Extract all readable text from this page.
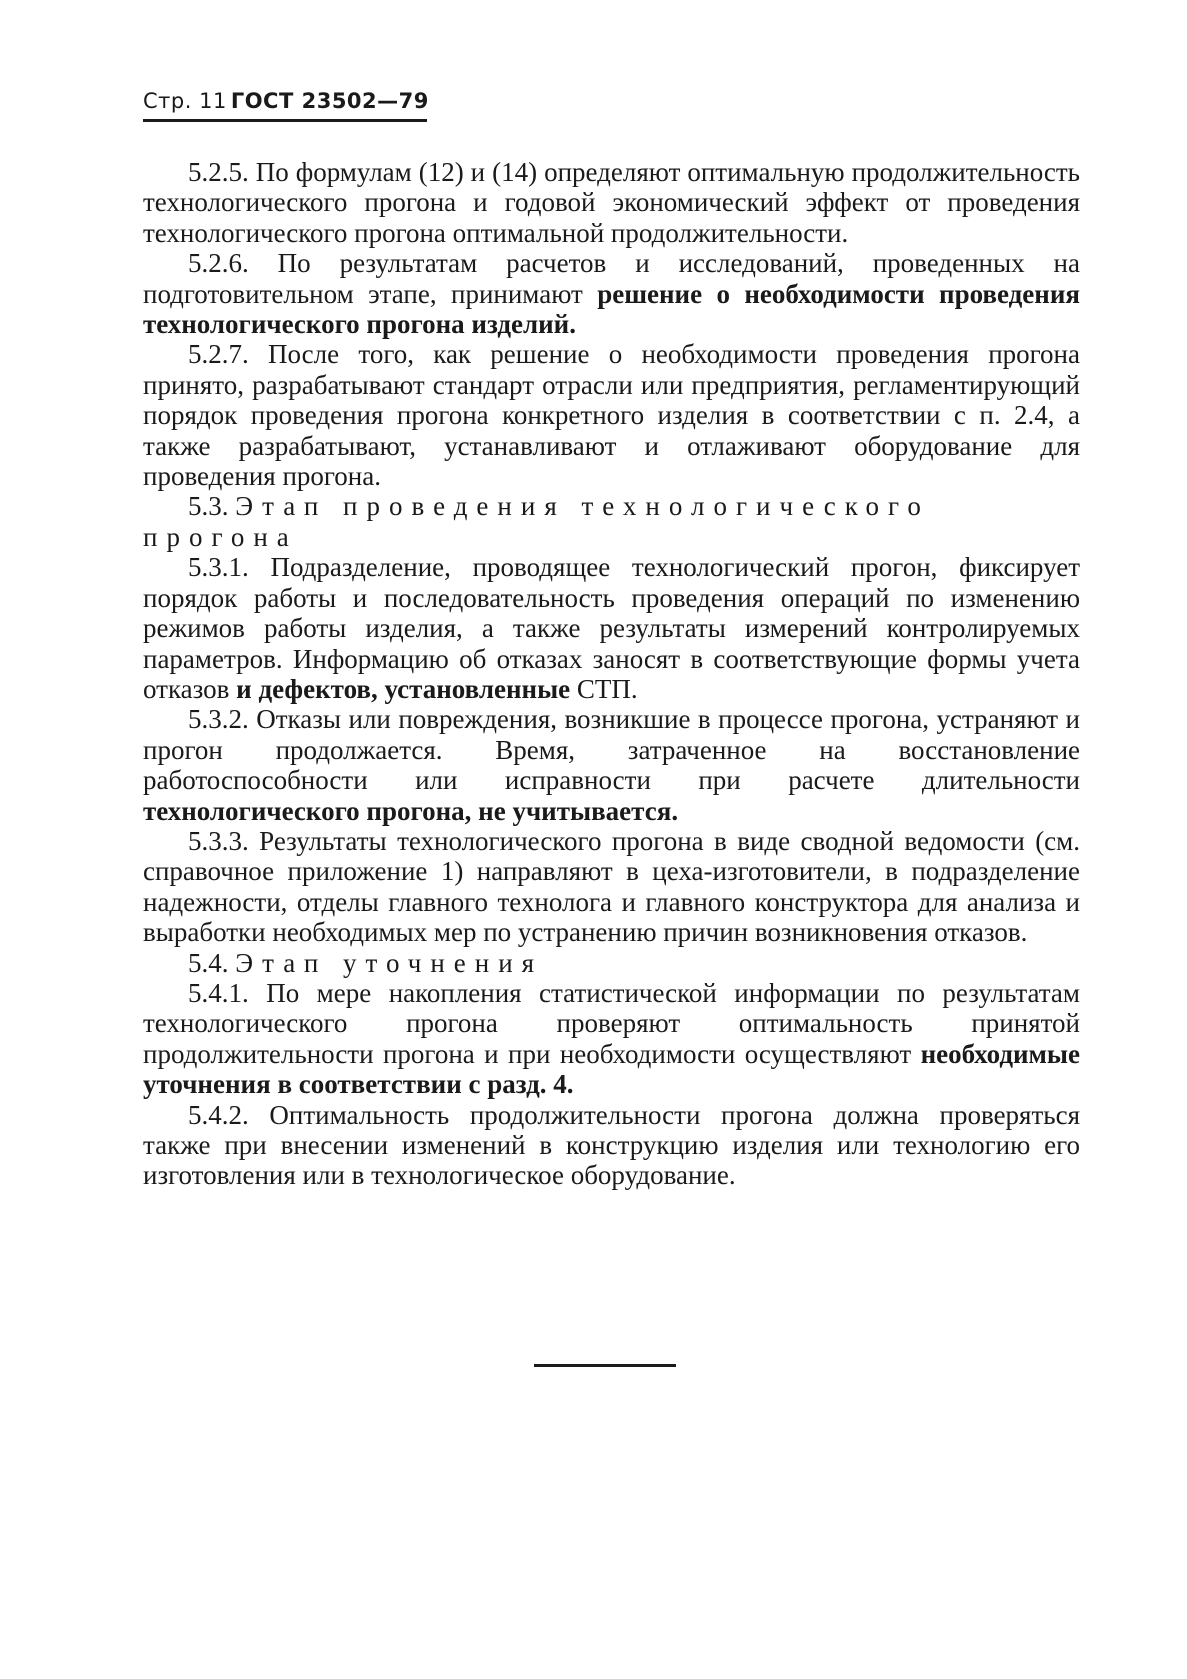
Стр. 11 ГОСТ 23502—79

5.2.5. По формулам (12) и (14) определяют оптимальную продолжительность технологического прогона и годовой экономический эффект от проведения технологического прогона оптимальной продолжительности.

5.2.6. По результатам расчетов и исследований, проведенных на подготовительном этапе, принимают решение о необходимости проведения технологического прогона изделий.

5.2.7. После того, как решение о необходимости проведения прогона принято, разрабатывают стандарт отрасли или предприятия, регламентирующий порядок проведения прогона конкретного изделия в соответствии с п. 2.4, а также разрабатывают, устанавливают и отлаживают оборудование для проведения прогона.

5.3. Этап проведения технологического прогона

5.3.1. Подразделение, проводящее технологический прогон, фиксирует порядок работы и последовательность проведения операций по изменению режимов работы изделия, а также результаты измерений контролируемых параметров. Информацию об отказах заносят в соответствующие формы учета отказов и дефектов, установленные СТП.

5.3.2. Отказы или повреждения, возникшие в процессе прогона, устраняют и прогон продолжается. Время, затраченное на восстановление работоспособности или исправности при расчете длительности технологического прогона, не учитывается.

5.3.3. Результаты технологического прогона в виде сводной ведомости (см. справочное приложение 1) направляют в цеха-изготовители, в подразделение надежности, отделы главного технолога и главного конструктора для анализа и выработки необходимых мер по устранению причин возникновения отказов.

5.4. Этап уточнения

5.4.1. По мере накопления статистической информации по результатам технологического прогона проверяют оптимальность принятой продолжительности прогона и при необходимости осуществляют необходимые уточнения в соответствии с разд. 4.

5.4.2. Оптимальность продолжительности прогона должна проверяться также при внесении изменений в конструкцию изделия или технологию его изготовления или в технологическое оборудование.
